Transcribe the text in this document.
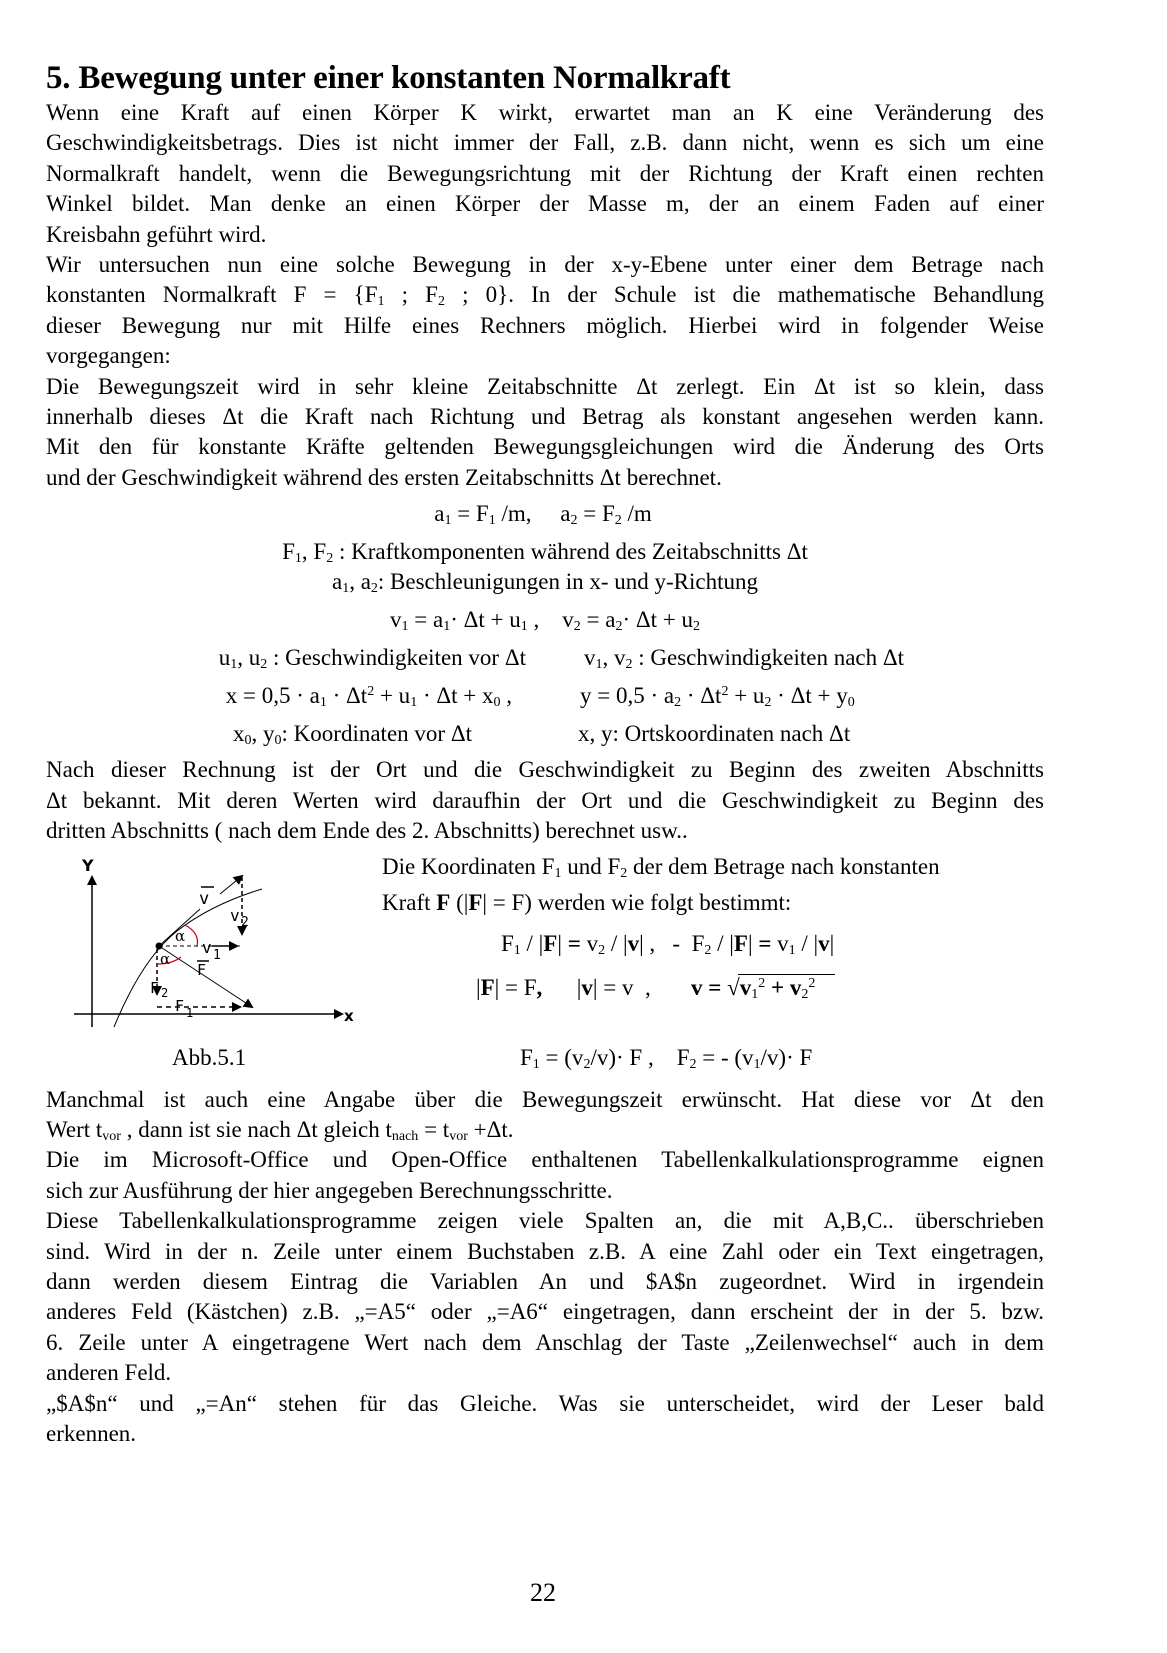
5. Bewegung unter einer konstanten Normalkraft

Wenn eine Kraft auf einen Körper K wirkt, erwartet man an K eine Veränderung des
Geschwindigkeitsbetrags. Dies ist nicht immer der Fall, z.B. dann nicht, wenn es sich um eine
Normalkraft handelt, wenn die Bewegungsrichtung mit der Richtung der Kraft einen rechten
Winkel bildet. Man denke an einen Körper der Masse m, der an einem Faden auf einer
Kreisbahn geführt wird.

Wir untersuchen nun eine solche Bewegung in der x-y-Ebene unter einer dem Betrage nach
konstanten Normalkraft $F = \{F_1$ ; $F_2$ ; 0}. In der Schule ist die mathematische Behandlung
dieser Bewegung nur mit Hilfe eines Rechners möglich. Hierbei wird in folgender Weise
vorgegangen:

Die Bewegungszeit wird in sehr kleine Zeitabschnitte Δt zerlegt. Ein Δt ist so klein, dass
innerhalb dieses Δt die Kraft nach Richtung und Betrag als konstant angesehen werden kann.
Mit den für konstante Kräfte geltenden Bewegungsgleichungen wird die Änderung des Orts
und der Geschwindigkeit während des ersten Zeitabschnitts Δt berechnet.

$a_1 = F_1$ /m,     $a_2 = F_2$ /m
$F_1$, $F_2$ : Kraftkomponenten während des Zeitabschnitts Δt
$a_1$, $a_2$: Beschleunigungen in x- und y-Richtung
$v_1 = a_1\cdot \Delta t + u_1$ ,    $v_2 = a_2\cdot \Delta t + u_2$
$u_1$, $u_2$ : Geschwindigkeiten vor Δt	$v_1$, $v_2$ : Geschwindigkeiten nach Δt
$x = 0,5 \cdot a_1 \cdot \Delta t^2 + u_1 \cdot \Delta t + x_0$ ,	$y = 0,5 \cdot a_2 \cdot \Delta t^2 + u_2 \cdot \Delta t + y_0$
$x_0$, $y_0$: Koordinaten vor Δt	x, y: Ortskoordinaten nach Δt

Nach dieser Rechnung ist der Ort und die Geschwindigkeit zu Beginn des zweiten Abschnitts
Δt bekannt. Mit deren Werten wird daraufhin der Ort und die Geschwindigkeit zu Beginn des
dritten Abschnitts ( nach dem Ende des 2. Abschnitts) berechnet usw..

Y
x
v
v 2
v 1
α
α
F
F 2
F 1
Abb.5.1
Die Koordinaten $F_1$ und $F_2$ der dem Betrage nach konstanten
Kraft F (|F| = F) werden wie folgt bestimmt:
$F_1 / |F| = v_2 / |v|$ ,   -  $F_2 / |F| = v_1 / |v|$
|F| = F,      |v| = v  ,       $v = √v_1^2 + v_2^2$
$F_1 = (v_2/v)\cdot F$ ,    $F_2$ = - $(v_1/v)\cdot F$

Manchmal ist auch eine Angabe über die Bewegungszeit erwünscht. Hat diese vor Δt den
Wert $t_{vor}$ , dann ist sie nach Δt gleich $t_{nach} = t_{vor} +\Delta t$.

Die im Microsoft-Office und Open-Office enthaltenen Tabellenkalkulationsprogramme eignen
sich zur Ausführung der hier angegeben Berechnungsschritte.

Diese Tabellenkalkulationsprogramme zeigen viele Spalten an, die mit A,B,C.. überschrieben
sind. Wird in der n. Zeile unter einem Buchstaben z.B. A eine Zahl oder ein Text eingetragen,
dann werden diesem Eintrag die Variablen An und $A$n zugeordnet. Wird in irgendein
anderes Feld (Kästchen) z.B. „=A5“ oder „=A6“ eingetragen, dann erscheint der in der 5. bzw.
6. Zeile unter A eingetragene Wert nach dem Anschlag der Taste „Zeilenwechsel“ auch in dem
anderen Feld.

„$A$n“ und „=An“ stehen für das Gleiche. Was sie unterscheidet, wird der Leser bald
erkennen.

22
